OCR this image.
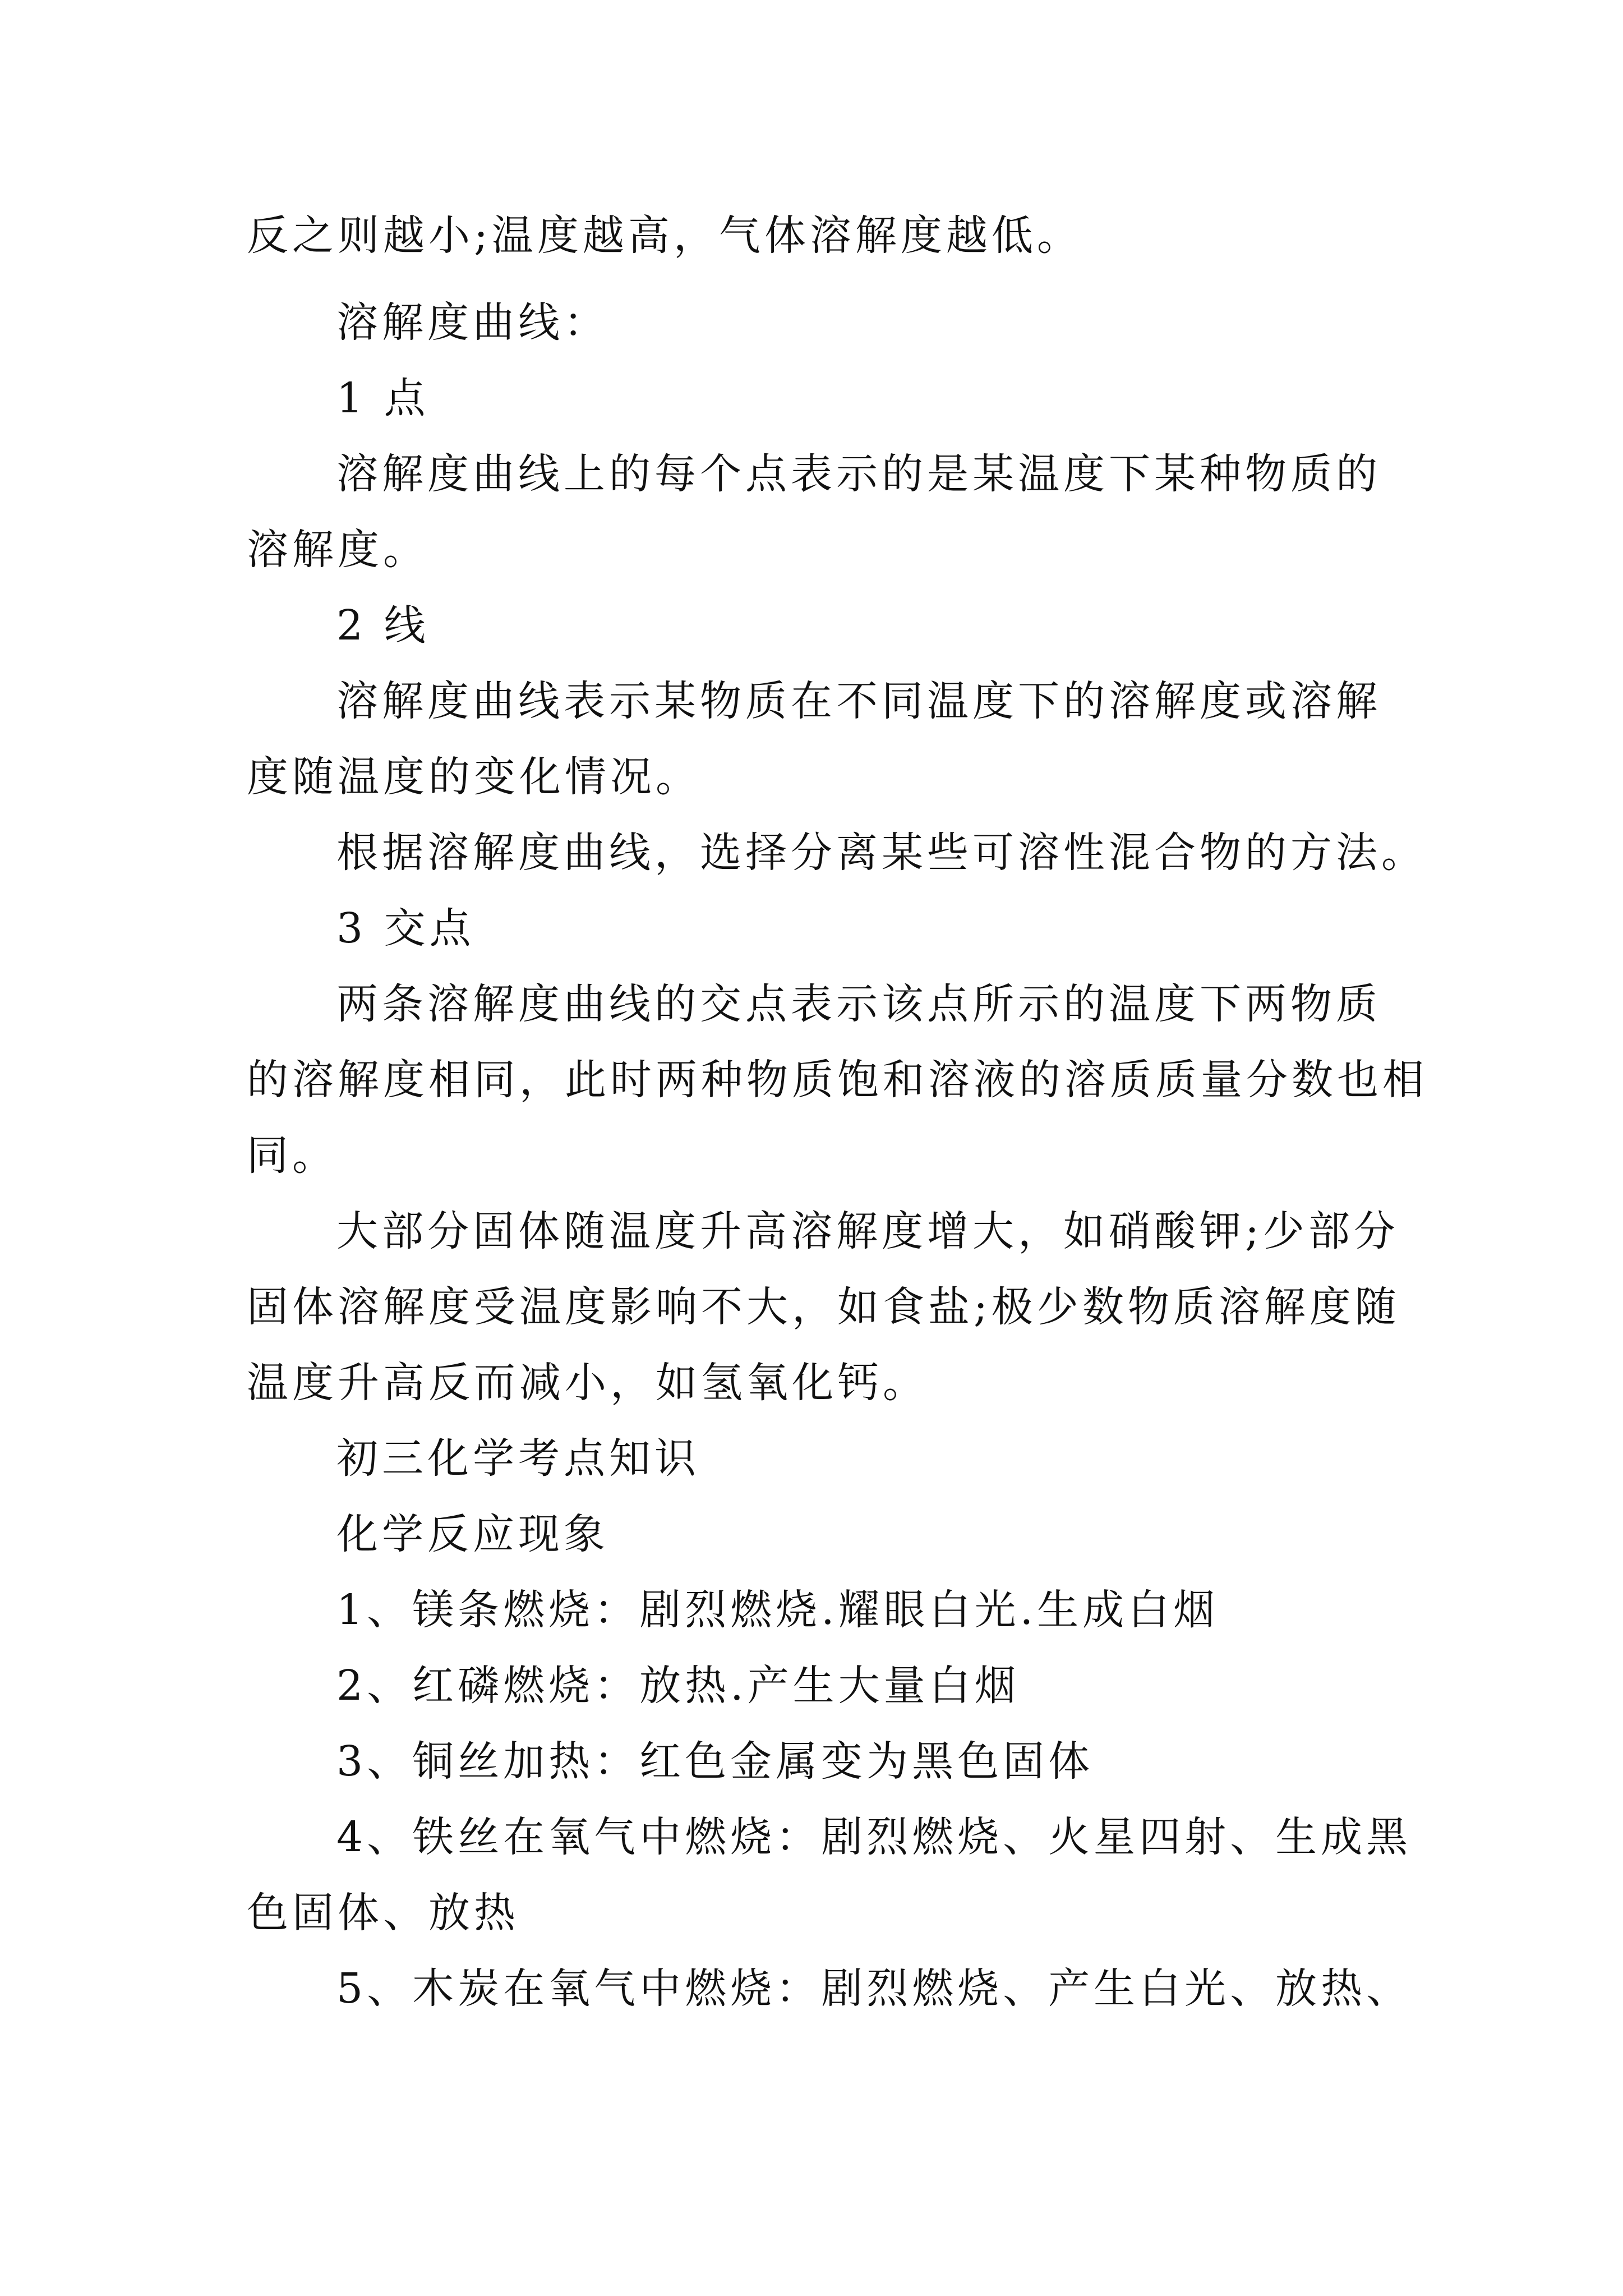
反之则越小;温度越高，气体溶解度越低。
溶解度曲线：
1 点
溶解度曲线上的每个点表示的是某温度下某种物质的
溶解度。
2 线
溶解度曲线表示某物质在不同温度下的溶解度或溶解
度随温度的变化情况。
根据溶解度曲线，选择分离某些可溶性混合物的方法。
3 交点
两条溶解度曲线的交点表示该点所示的温度下两物质
的溶解度相同，此时两种物质饱和溶液的溶质质量分数也相
同。
大部分固体随温度升高溶解度增大，如硝酸钾;少部分
固体溶解度受温度影响不大，如食盐;极少数物质溶解度随
温度升高反而减小，如氢氧化钙。
初三化学考点知识
化学反应现象
1、镁条燃烧：剧烈燃烧.耀眼白光.生成白烟
2、红磷燃烧：放热.产生大量白烟
3、铜丝加热：红色金属变为黑色固体
4、铁丝在氧气中燃烧：剧烈燃烧、火星四射、生成黑
色固体、放热
5、木炭在氧气中燃烧：剧烈燃烧、产生白光、放热、
